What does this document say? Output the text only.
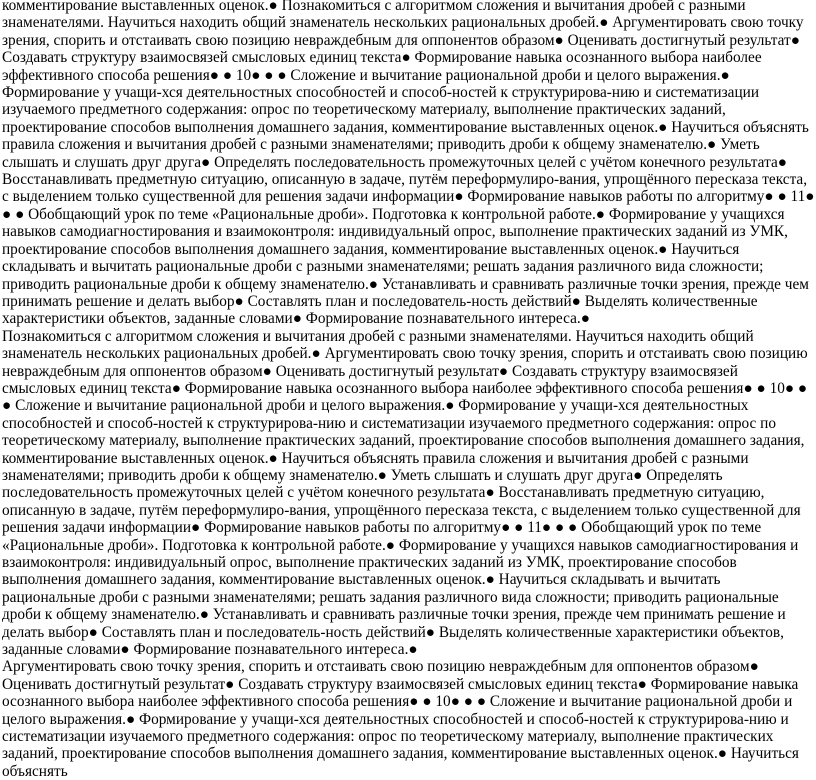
комментирование выставленных оценок.● Познакомиться с алгоритмом сложения и вычитания дробей с разными знаменателями. Научиться находить общий знаменатель нескольких рациональных дробей.● Аргументировать свою точку зрения, спорить и отстаивать свою позицию невраждебным для оппонентов образом● Оценивать достигнутый результат● Создавать структуру взаимосвязей смысловых единиц текста● Формирование навыка осознанного выбора наиболее эффективного способа решения● ● 10● ● ● Сложение и вычитание рациональной дроби и целого выражения.● Формирование у учащи-хся деятельностных способностей и способ-ностей к структурирова-нию и систематизации изучаемого предметного содержания: опрос по теоретическому материалу, выполнение практических заданий, проектирование способов выполнения домашнего задания, комментирование выставленных оценок.● Научиться объяснять правила сложения и вычитания дробей с разными знаменателями; приводить дроби к общему знаменателю.● Уметь слышать и слушать друг друга● Определять последовательность промежуточных целей с учётом конечного результата● Восстанавливать предметную ситуацию, описанную в задаче, путём переформулиро-вания, упрощённого пересказа текста, с выделением только существенной для решения задачи информации● Формирование навыков работы по алгоритму● ● 11● ● ● Обобщающий урок по теме «Рациональные дроби». Подготовка к контрольной работе.● Формирование у учащихся навыков самодиагностирования и взаимоконтроля: индивидуальный опрос, выполнение практических заданий из УМК, проектирование способов выполнения домашнего задания, комментирование выставленных оценок.● Научиться складывать и вычитать рациональные дроби с разными знаменателями; решать задания различного вида сложности; приводить рациональные дроби к общему знаменателю.● Устанавливать и сравнивать различные точки зрения, прежде чем принимать решение и делать выбор● Составлять план и последователь-ность действий● Выделять количественные характеристики объектов, заданные словами● Формирование познавательного интереса.●

Познакомиться с алгоритмом сложения и вычитания дробей с разными знаменателями. Научиться находить общий знаменатель нескольких рациональных дробей.● Аргументировать свою точку зрения, спорить и отстаивать свою позицию невраждебным для оппонентов образом● Оценивать достигнутый результат● Создавать структуру взаимосвязей смысловых единиц текста● Формирование навыка осознанного выбора наиболее эффективного способа решения● ● 10● ● ● Сложение и вычитание рациональной дроби и целого выражения.● Формирование у учащи-хся деятельностных способностей и способ-ностей к структурирова-нию и систематизации изучаемого предметного содержания: опрос по теоретическому материалу, выполнение практических заданий, проектирование способов выполнения домашнего задания, комментирование выставленных оценок.● Научиться объяснять правила сложения и вычитания дробей с разными знаменателями; приводить дроби к общему знаменателю.● Уметь слышать и слушать друг друга● Определять последовательность промежуточных целей с учётом конечного результата● Восстанавливать предметную ситуацию, описанную в задаче, путём переформулиро-вания, упрощённого пересказа текста, с выделением только существенной для решения задачи информации● Формирование навыков работы по алгоритму● ● 11● ● ● Обобщающий урок по теме «Рациональные дроби». Подготовка к контрольной работе.● Формирование у учащихся навыков самодиагностирования и взаимоконтроля: индивидуальный опрос, выполнение практических заданий из УМК, проектирование способов выполнения домашнего задания, комментирование выставленных оценок.● Научиться складывать и вычитать рациональные дроби с разными знаменателями; решать задания различного вида сложности; приводить рациональные дроби к общему знаменателю.● Устанавливать и сравнивать различные точки зрения, прежде чем принимать решение и делать выбор● Составлять план и последователь-ность действий● Выделять количественные характеристики объектов, заданные словами● Формирование познавательного интереса.●

Аргументировать свою точку зрения, спорить и отстаивать свою позицию невраждебным для оппонентов образом● Оценивать достигнутый результат● Создавать структуру взаимосвязей смысловых единиц текста● Формирование навыка осознанного выбора наиболее эффективного способа решения● ● 10● ● ● Сложение и вычитание рациональной дроби и целого выражения.● Формирование у учащи-хся деятельностных способностей и способ-ностей к структурирова-нию и систематизации изучаемого предметного содержания: опрос по теоретическому материалу, выполнение практических заданий, проектирование способов выполнения домашнего задания, комментирование выставленных оценок.● Научиться объяснять
